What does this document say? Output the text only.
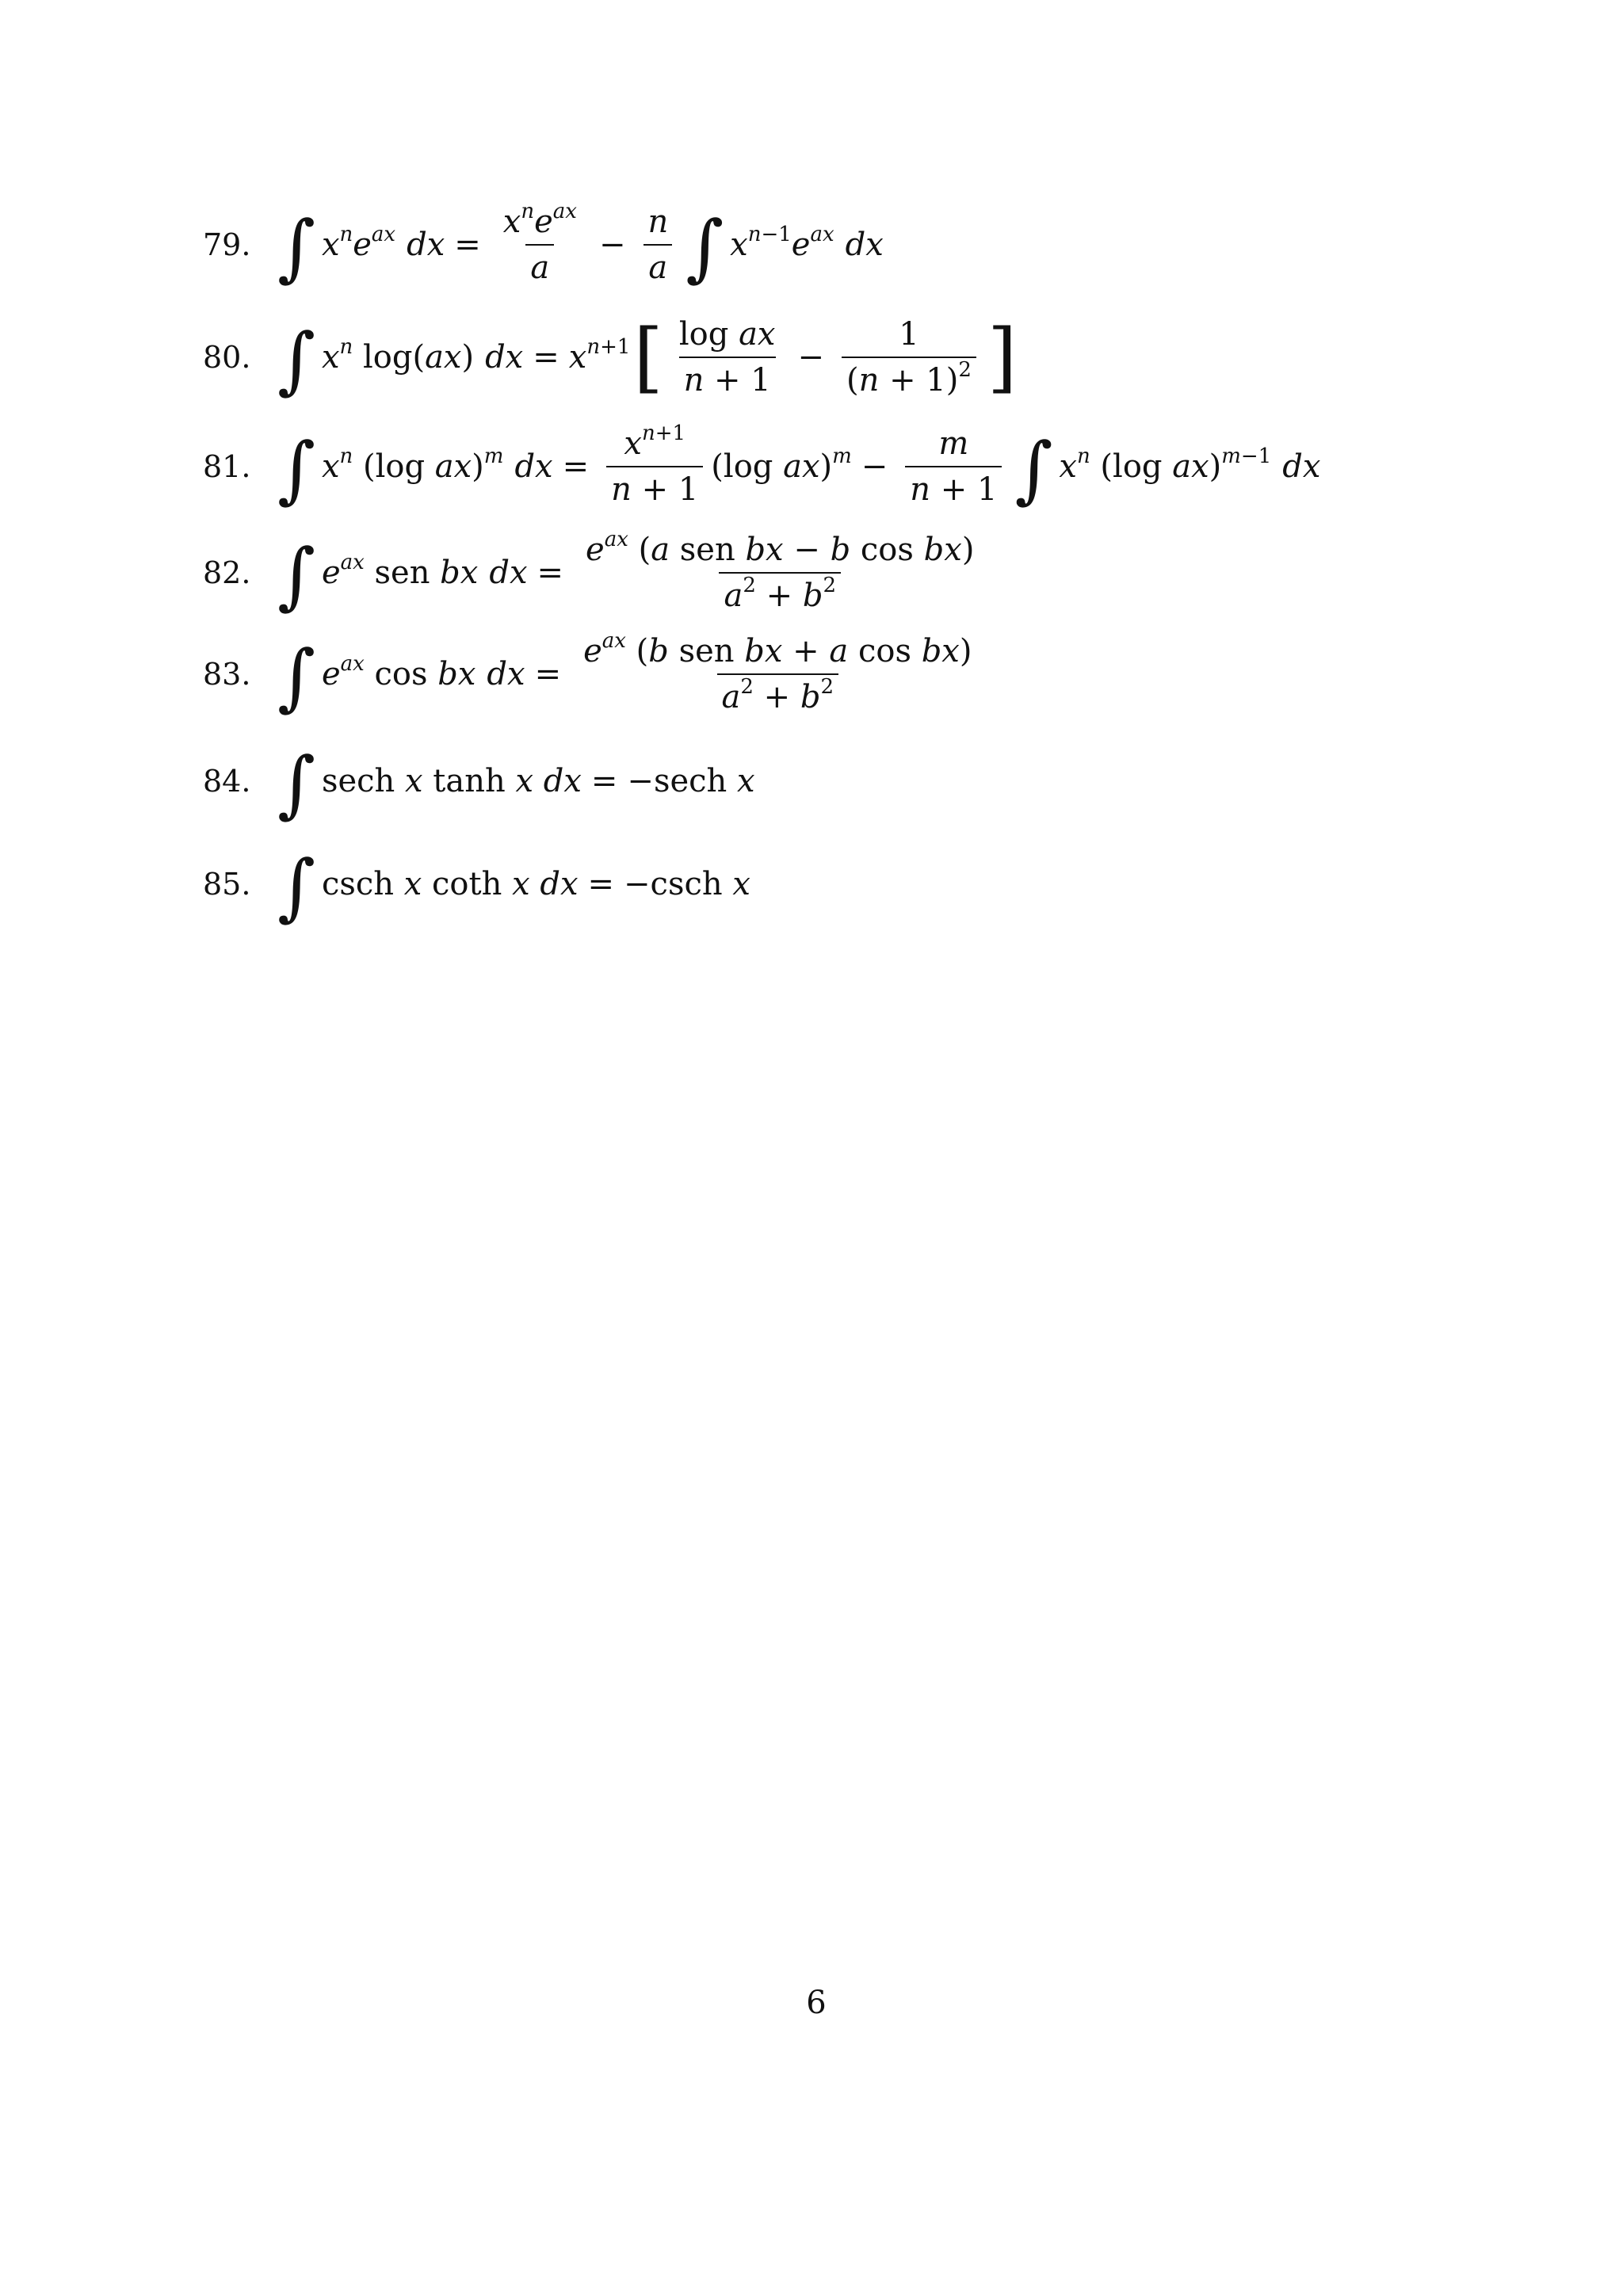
79. ∫ $x^ne^{ax}$ dx = $\frac{x^ne^{ax}}{a} - \frac{n}{a}$ ∫ $x^{n-1}e^{ax}$ dx
80. ∫ $x^n$ log(ax) dx = $x^{n+1}$ [ $\frac{\text{log ax}}{n + 1} - \frac{1}{(n + 1)^2}$ ]
81. ∫ $x^n$ (log ax)$^m$ dx = $\frac{x^{n+1}}{n + 1} (\log$ $ax)^m - \frac{m}{n + 1}$ ∫ $x^n$ (log ax)$^{m-1}$ dx
82. ∫ $e^{ax}$ sen bx dx = $\frac{e^{ax} (a sen bx - b \cos bx)}{a^2 + b^2}$
83. ∫ $e^{ax}$ cos bx dx = $\frac{e^{ax} (b sen bx + a \cos bx)}{a^2 + b^2}$
84. ∫ sech x tanh x dx = −sech x
85. ∫ csch x coth x dx = −csch x
6
